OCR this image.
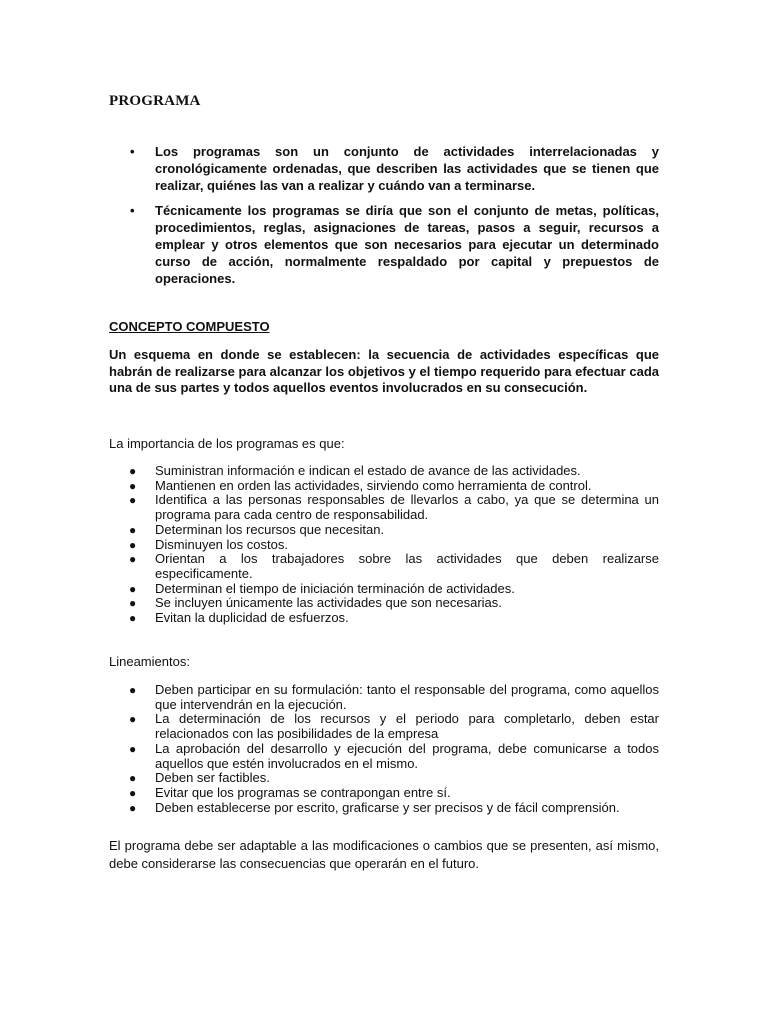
PROGRAMA
• Los programas son un conjunto de actividades interrelacionadas y cronológicamente ordenadas, que describen las actividades que se tienen que realizar, quiénes las van a realizar y cuándo van a terminarse.
• Técnicamente los programas se diría que son el conjunto de metas, políticas, procedimientos, reglas, asignaciones de tareas, pasos a seguir, recursos a emplear y otros elementos que son necesarios para ejecutar un determinado curso de acción, normalmente respaldado por capital y prepuestos de operaciones.
CONCEPTO COMPUESTO

Un esquema en donde se establecen: la secuencia de actividades específicas que habrán de realizarse para alcanzar los objetivos y el tiempo requerido para efectuar cada una de sus partes y todos aquellos eventos involucrados en su consecución.

La importancia de los programas es que:

● Suministran información e indican el estado de avance de las actividades.
● Mantienen en orden las actividades, sirviendo como herramienta de control.
● Identifica a las personas responsables de llevarlos a cabo, ya que se determina un programa para cada centro de responsabilidad.
● Determinan los recursos que necesitan.
● Disminuyen los costos.
● Orientan a los trabajadores sobre las actividades que deben realizarse especificamente.
● Determinan el tiempo de iniciación terminación de actividades.
● Se incluyen únicamente las actividades que son necesarias.
● Evitan la duplicidad de esfuerzos.

Lineamientos:

● Deben participar en su formulación: tanto el responsable del programa, como aquellos que intervendrán en la ejecución.
● La determinación de los recursos y el periodo para completarlo, deben estar relacionados con las posibilidades de la empresa
● La aprobación del desarrollo y ejecución del programa, debe comunicarse a todos aquellos que estén involucrados en el mismo.
● Deben ser factibles.
● Evitar que los programas se contrapongan entre sí.
● Deben establecerse por escrito, graficarse y ser precisos y de fácil comprensión.

El programa debe ser adaptable a las modificaciones o cambios que se presenten, así mismo, debe considerarse las consecuencias que operarán en el futuro.
